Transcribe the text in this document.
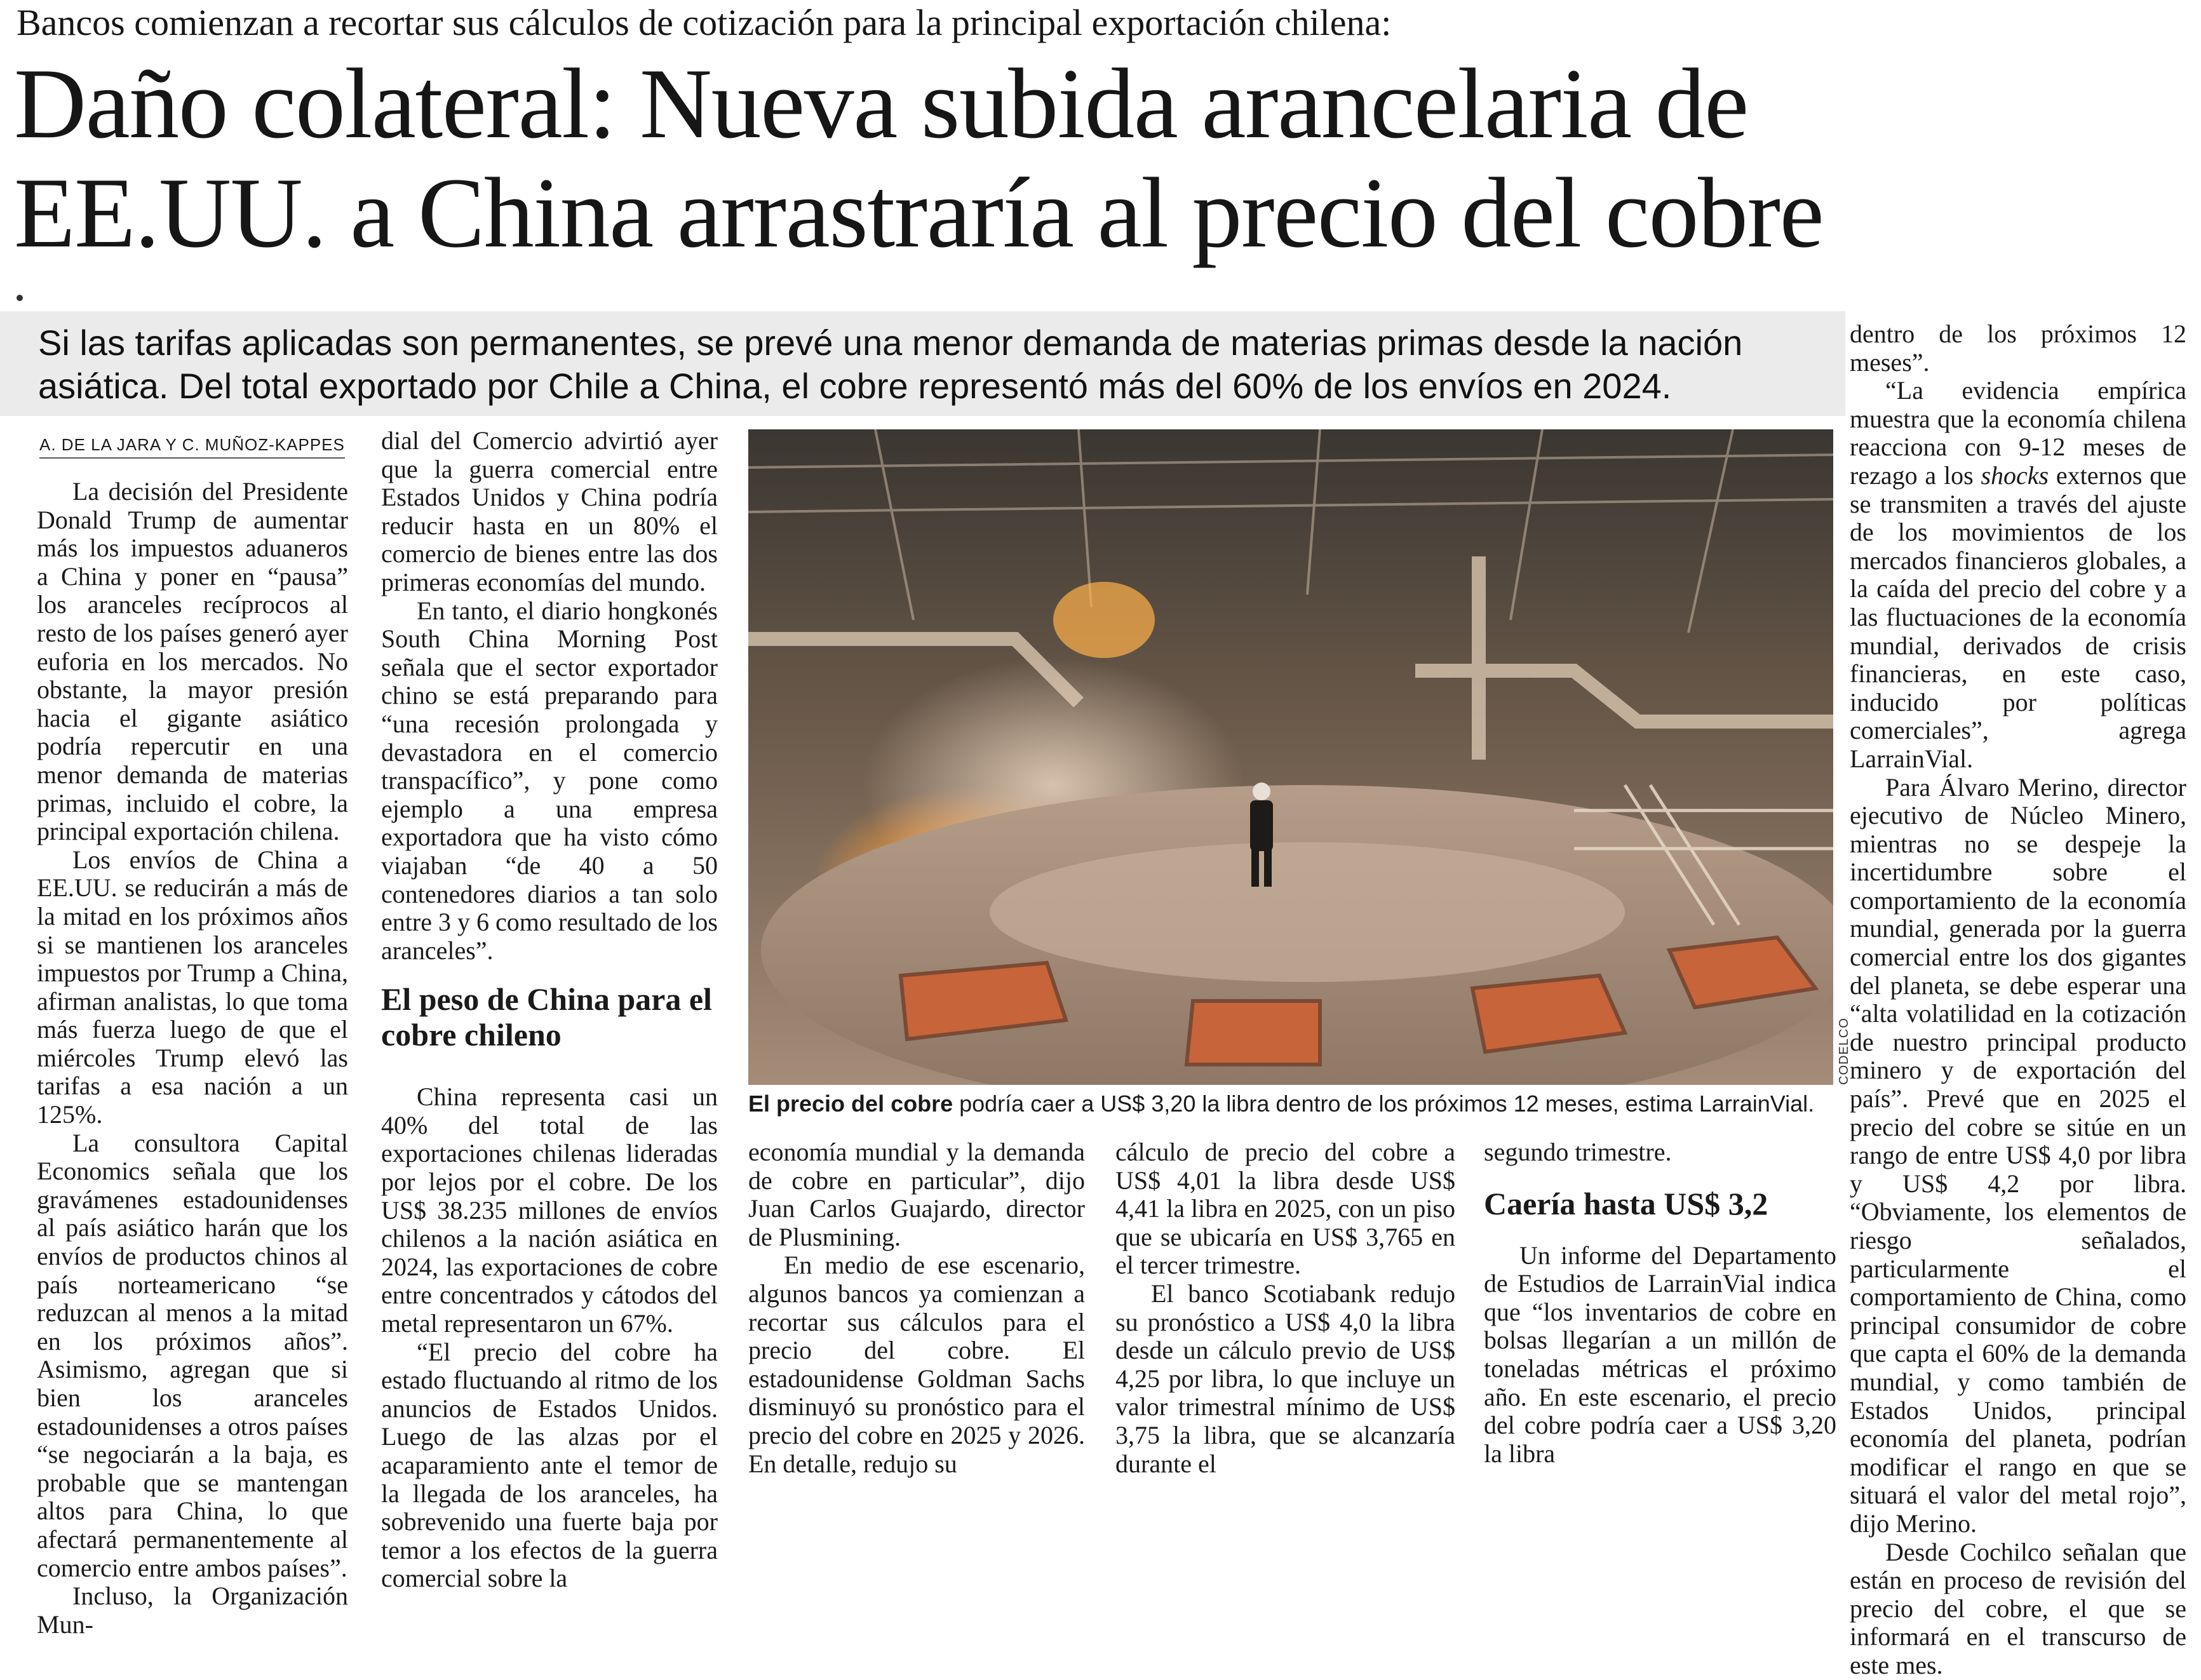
Bancos comienzan a recortar sus cálculos de cotización para la principal exportación chilena:
Daño colateral: Nueva subida arancelaria de
EE.UU. a China arrastraría al precio del cobre
Si las tarifas aplicadas son permanentes, se prevé una menor demanda de materias primas desde la nación asiática. Del total exportado por Chile a China, el cobre representó más del 60% de los envíos en 2024.
A. DE LA JARA Y C. MUÑOZ-KAPPES

La decisión del Presidente Donald Trump de aumentar más los impuestos aduaneros a China y poner en “pausa” los aranceles recíprocos al resto de los países generó ayer euforia en los mercados. No obstante, la mayor presión hacia el gigante asiático podría repercutir en una menor demanda de materias primas, incluido el cobre, la principal exportación chilena.

Los envíos de China a EE.UU. se reducirán a más de la mitad en los próximos años si se mantienen los aranceles impuestos por Trump a China, afirman analistas, lo que toma más fuerza luego de que el miércoles Trump elevó las tarifas a esa nación a un 125%.

La consultora Capital Economics señala que los gravámenes estadounidenses al país asiático harán que los envíos de productos chinos al país norteamericano “se reduzcan al menos a la mitad en los próximos años”. Asimismo, agregan que si bien los aranceles estadounidenses a otros países “se negociarán a la baja, es probable que se mantengan altos para China, lo que afectará permanentemente al comercio entre ambos países”.

Incluso, la Organización Mun-

dial del Comercio advirtió ayer que la guerra comercial entre Estados Unidos y China podría reducir hasta en un 80% el comercio de bienes entre las dos primeras economías del mundo.

En tanto, el diario hongkonés South China Morning Post señala que el sector exportador chino se está preparando para “una recesión prolongada y devastadora en el comercio transpacífico”, y pone como ejemplo a una empresa exportadora que ha visto cómo viajaban “de 40 a 50 contenedores diarios a tan solo entre 3 y 6 como resultado de los aranceles”.

El peso de China para el cobre chileno

China representa casi un 40% del total de las exportaciones chilenas lideradas por lejos por el cobre. De los US$ 38.235 millones de envíos chilenos a la nación asiática en 2024, las exportaciones de cobre entre concentrados y cátodos del metal representaron un 67%.

“El precio del cobre ha estado fluctuando al ritmo de los anuncios de Estados Unidos. Luego de las alzas por el acaparamiento ante el temor de la llegada de los aranceles, ha sobrevenido una fuerte baja por temor a los efectos de la guerra comercial sobre la

CODELCO
El precio del cobre podría caer a US$ 3,20 la libra dentro de los próximos 12 meses, estima LarrainVial.

economía mundial y la demanda de cobre en particular”, dijo Juan Carlos Guajardo, director de Plusmining.

En medio de ese escenario, algunos bancos ya comienzan a recortar sus cálculos para el precio del cobre. El estadounidense Goldman Sachs disminuyó su pronóstico para el precio del cobre en 2025 y 2026. En detalle, redujo su

cálculo de precio del cobre a US$ 4,01 la libra desde US$ 4,41 la libra en 2025, con un piso que se ubicaría en US$ 3,765 en el tercer trimestre.

El banco Scotiabank redujo su pronóstico a US$ 4,0 la libra desde un cálculo previo de US$ 4,25 por libra, lo que incluye un valor trimestral mínimo de US$ 3,75 la libra, que se alcanzaría durante el

segundo trimestre.

Caería hasta US$ 3,2

Un informe del Departamento de Estudios de LarrainVial indica que “los inventarios de cobre en bolsas llegarían a un millón de toneladas métricas el próximo año. En este escenario, el precio del cobre podría caer a US$ 3,20 la libra

dentro de los próximos 12 meses”.

“La evidencia empírica muestra que la economía chilena reacciona con 9-12 meses de rezago a los shocks externos que se transmiten a través del ajuste de los movimientos de los mercados financieros globales, a la caída del precio del cobre y a las fluctuaciones de la economía mundial, derivados de crisis financieras, en este caso, inducido por políticas comerciales”, agrega LarrainVial.

Para Álvaro Merino, director ejecutivo de Núcleo Minero, mientras no se despeje la incertidumbre sobre el comportamiento de la economía mundial, generada por la guerra comercial entre los dos gigantes del planeta, se debe esperar una “alta volatilidad en la cotización de nuestro principal producto minero y de exportación del país”. Prevé que en 2025 el precio del cobre se sitúe en un rango de entre US$ 4,0 por libra y US$ 4,2 por libra. “Obviamente, los elementos de riesgo señalados, particularmente el comportamiento de China, como principal consumidor de cobre que capta el 60% de la demanda mundial, y como también de Estados Unidos, principal economía del planeta, podrían modificar el rango en que se situará el valor del metal rojo”, dijo Merino.

Desde Cochilco señalan que están en proceso de revisión del precio del cobre, el que se informará en el transcurso de este mes.
